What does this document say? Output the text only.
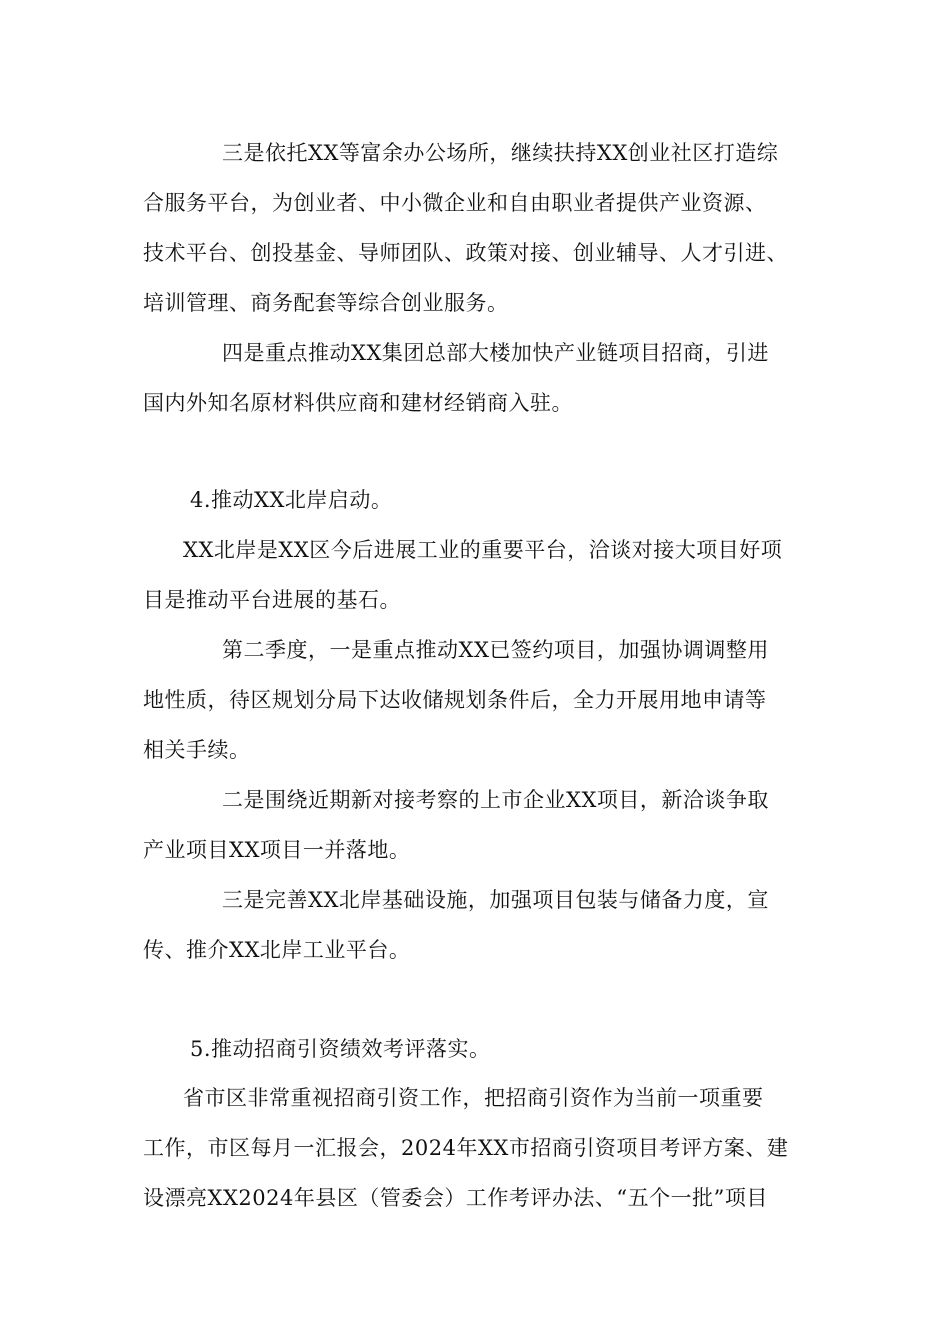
三是依托XX等富余办公场所，继续扶持XX创业社区打造综
合服务平台，为创业者、中小微企业和自由职业者提供产业资源、
技术平台、创投基金、导师团队、政策对接、创业辅导、人才引进、
培训管理、商务配套等综合创业服务。
四是重点推动XX集团总部大楼加快产业链项目招商，引进
国内外知名原材料供应商和建材经销商入驻。
4.推动XX北岸启动。
XX北岸是XX区今后进展工业的重要平台，洽谈对接大项目好项
目是推动平台进展的基石。
第二季度，一是重点推动XX已签约项目，加强协调调整用
地性质，待区规划分局下达收储规划条件后，全力开展用地申请等
相关手续。
二是围绕近期新对接考察的上市企业XX项目，新洽谈争取
产业项目XX项目一并落地。
三是完善XX北岸基础设施，加强项目包装与储备力度，宣
传、推介XX北岸工业平台。
5.推动招商引资绩效考评落实。
省市区非常重视招商引资工作，把招商引资作为当前一项重要
工作，市区每月一汇报会，2024年XX市招商引资项目考评方案、建
设漂亮XX2024年县区（管委会）工作考评办法、“五个一批”项目
